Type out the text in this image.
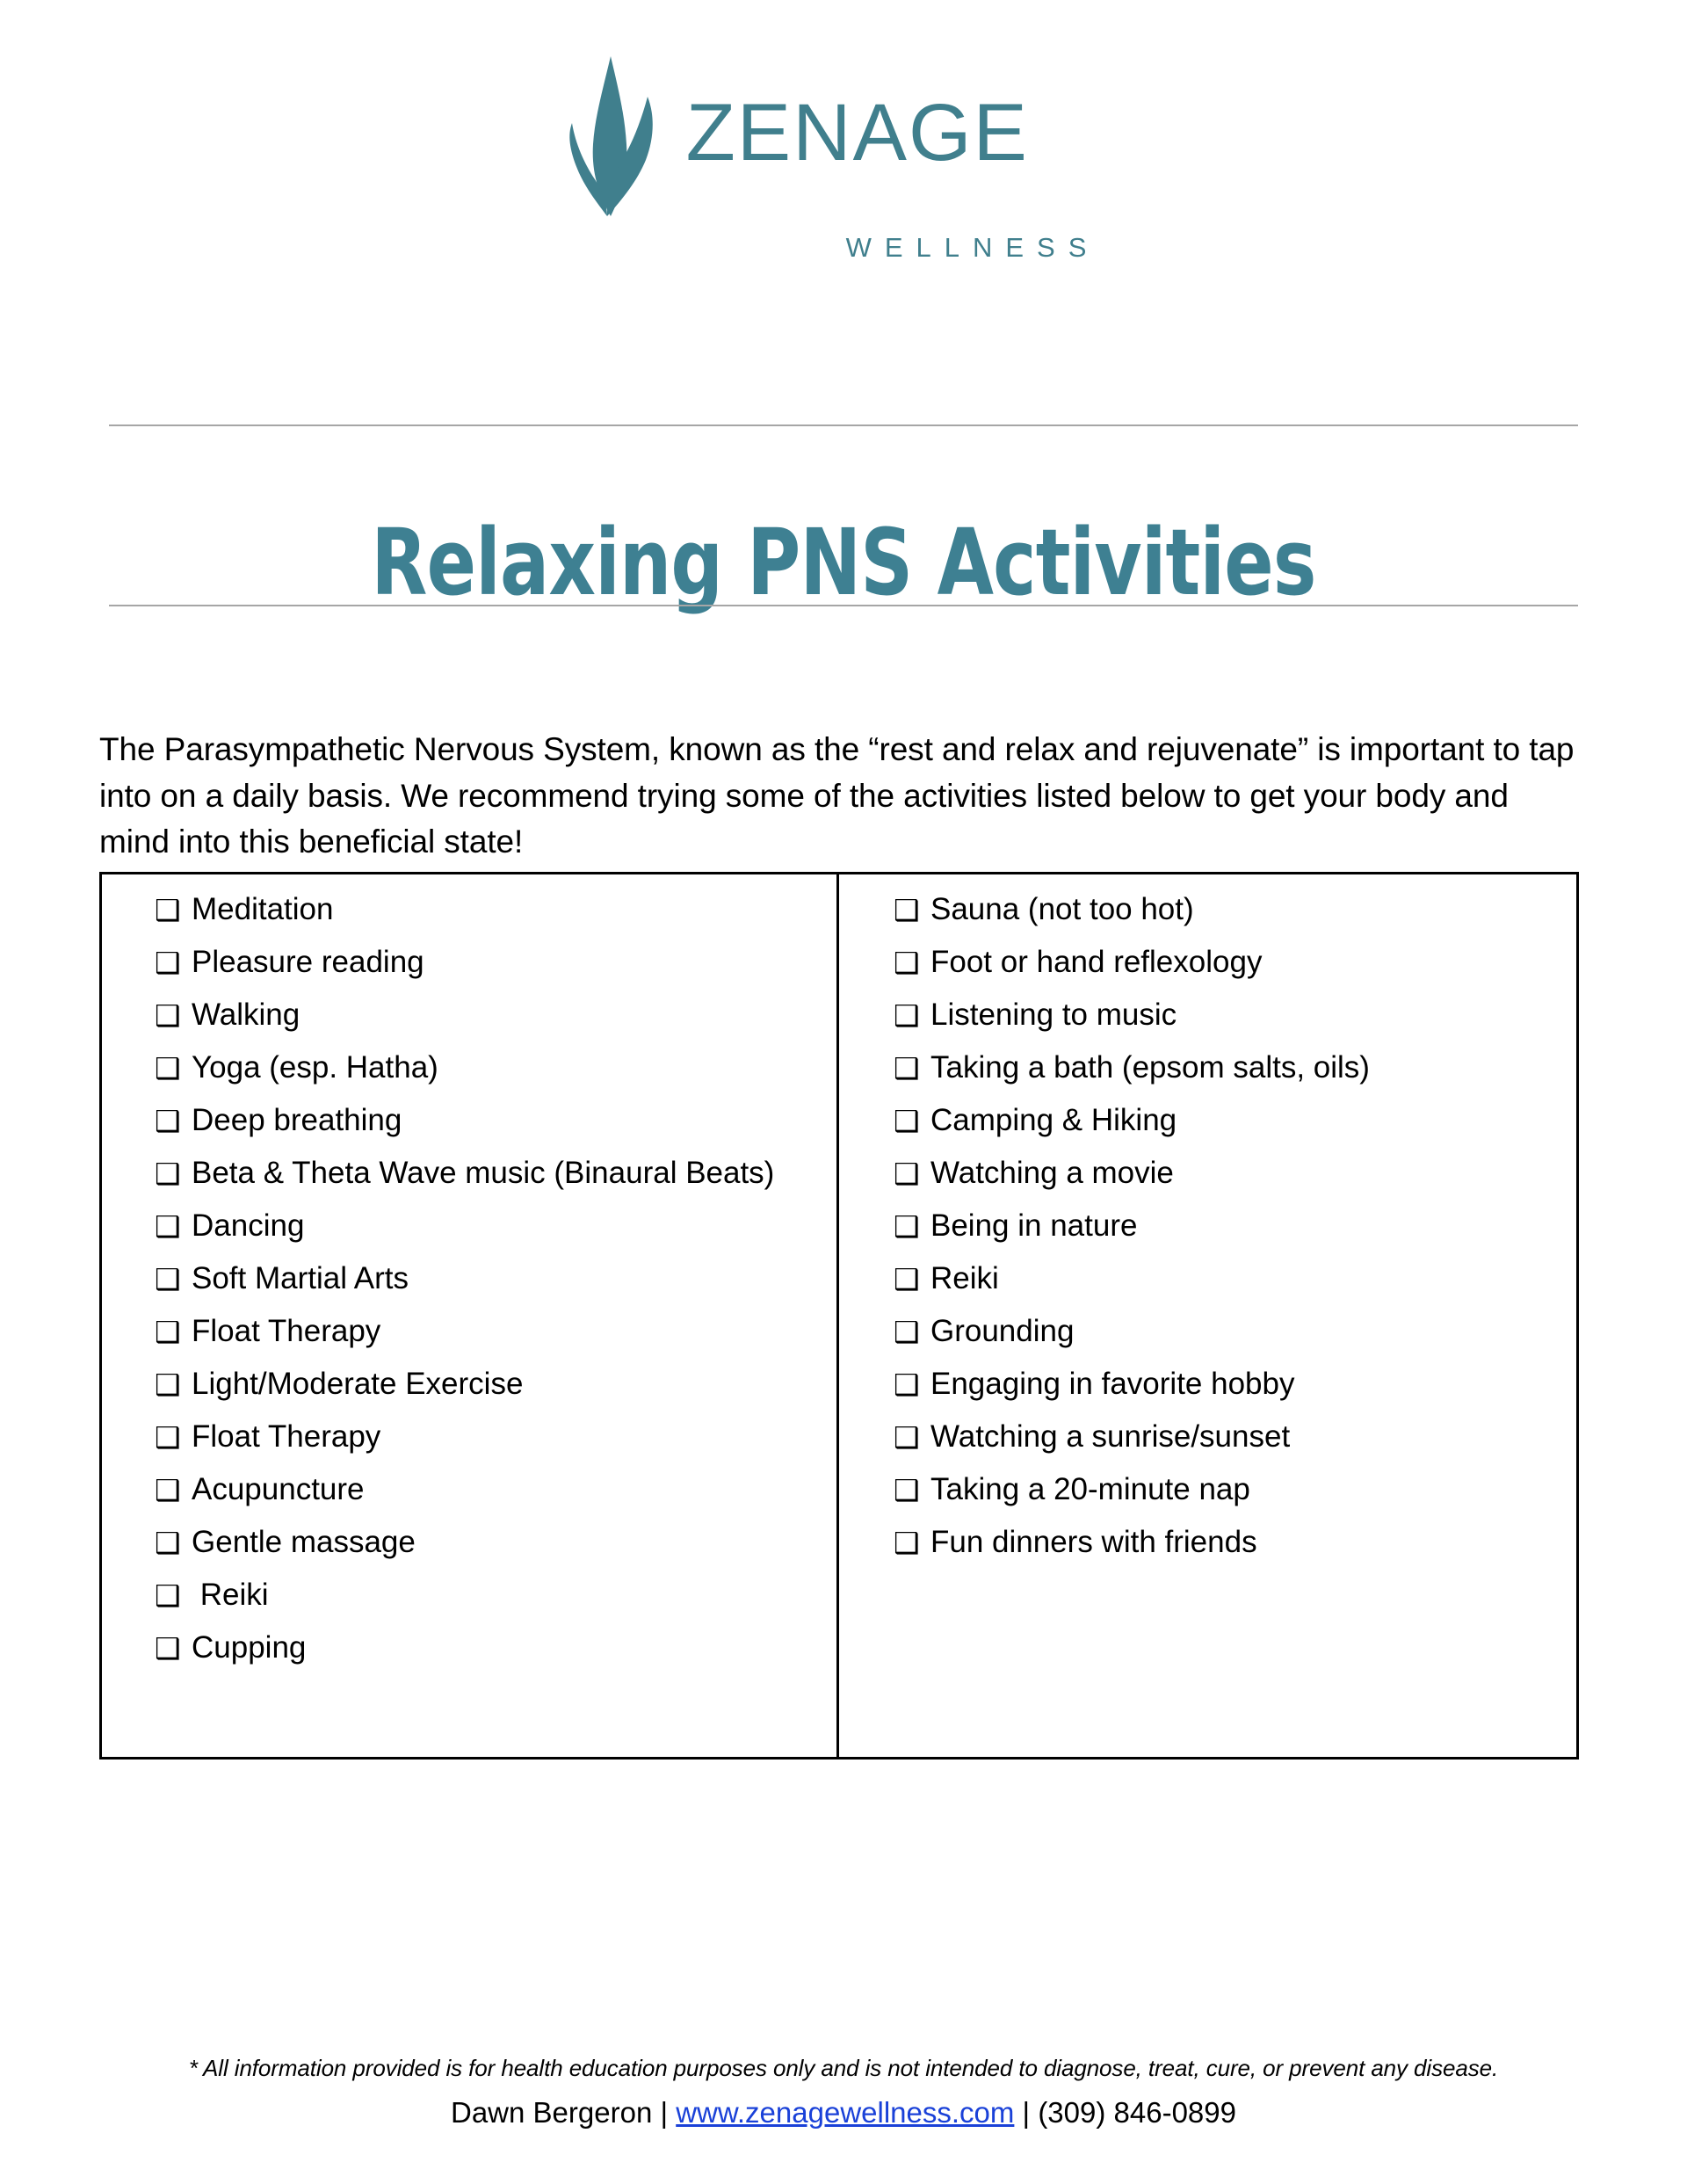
ZENAGE
WELLNESS
Relaxing PNS Activities

The Parasympathetic Nervous System, known as the “rest and relax and rejuvenate” is important to tap into on a daily basis. We recommend trying some of the activities listed below to get your body and mind into this beneficial state!

❑ Meditation
❑ Pleasure reading
❑ Walking
❑ Yoga (esp. Hatha)
❑ Deep breathing
❑ Beta & Theta Wave music (Binaural Beats)
❑ Dancing
❑ Soft Martial Arts
❑ Float Therapy
❑ Light/Moderate Exercise
❑ Float Therapy
❑ Acupuncture
❑ Gentle massage
❑ Reiki
❑ Cupping
❑ Sauna (not too hot)
❑ Foot or hand reflexology
❑ Listening to music
❑ Taking a bath (epsom salts, oils)
❑ Camping & Hiking
❑ Watching a movie
❑ Being in nature
❑ Reiki
❑ Grounding
❑ Engaging in favorite hobby
❑ Watching a sunrise/sunset
❑ Taking a 20-minute nap
❑ Fun dinners with friends
* All information provided is for health education purposes only and is not intended to diagnose, treat, cure, or prevent any disease.
Dawn Bergeron | www.zenagewellness.com | (309) 846-0899
